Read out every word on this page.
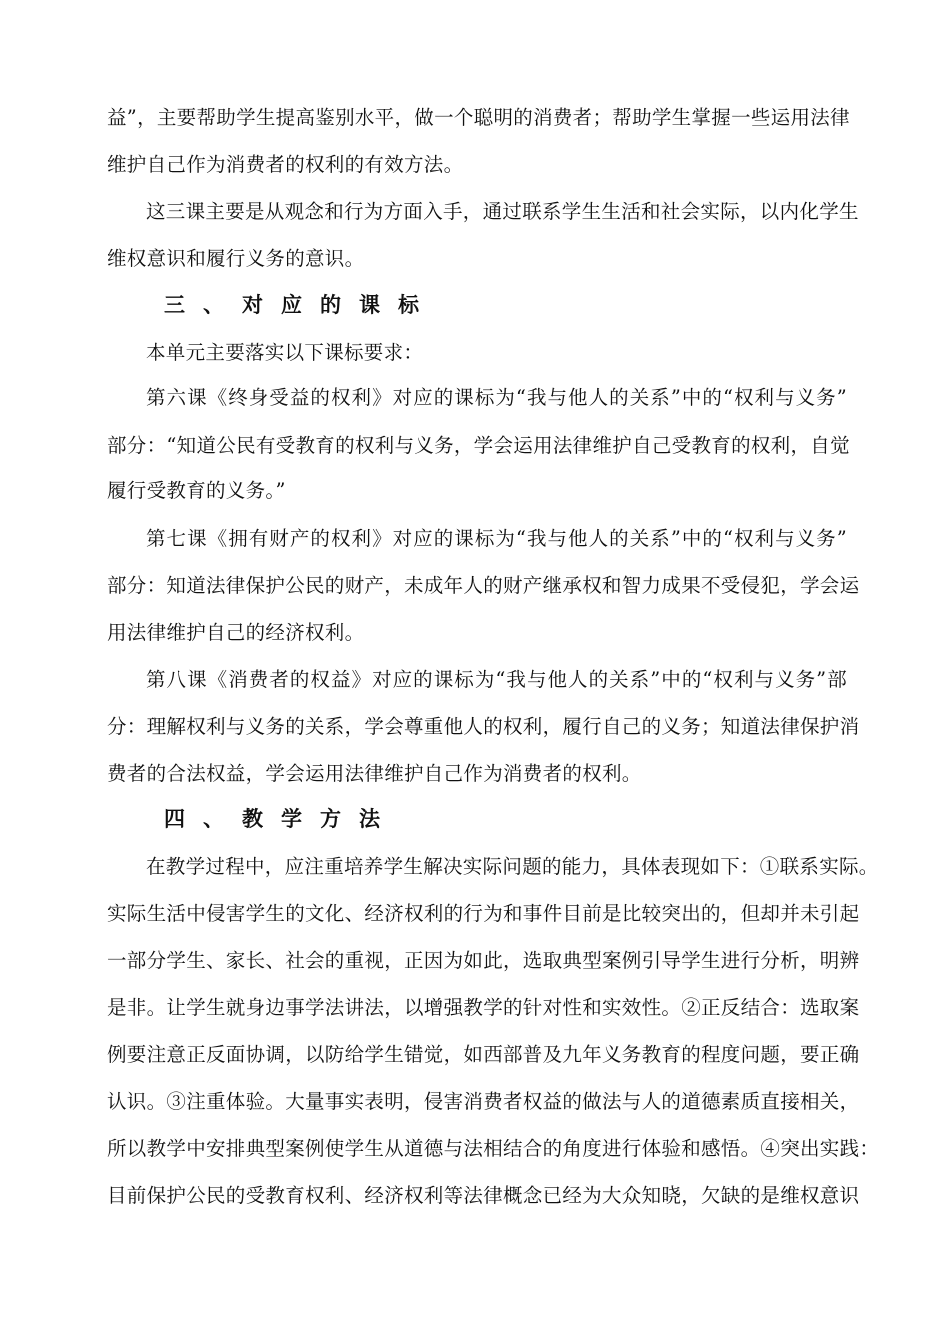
益”，主要帮助学生提高鉴别水平，做一个聪明的消费者；帮助学生掌握一些运用法律
维护自己作为消费者的权利的有效方法。
这三课主要是从观念和行为方面入手，通过联系学生生活和社会实际，以内化学生
维权意识和履行义务的意识。
三、对应的课标
本单元主要落实以下课标要求：
第六课《终身受益的权利》对应的课标为“我与他人的关系”中的“权利与义务”
部分：“知道公民有受教育的权利与义务，学会运用法律维护自己受教育的权利，自觉
履行受教育的义务。”
第七课《拥有财产的权利》对应的课标为“我与他人的关系”中的“权利与义务”
部分：知道法律保护公民的财产，未成年人的财产继承权和智力成果不受侵犯，学会运
用法律维护自己的经济权利。
第八课《消费者的权益》对应的课标为“我与他人的关系”中的“权利与义务”部
分：理解权利与义务的关系，学会尊重他人的权利，履行自己的义务；知道法律保护消
费者的合法权益，学会运用法律维护自己作为消费者的权利。
四、教学方法
在教学过程中，应注重培养学生解决实际问题的能力，具体表现如下：①联系实际。
实际生活中侵害学生的文化、经济权利的行为和事件目前是比较突出的，但却并未引起
一部分学生、家长、社会的重视，正因为如此，选取典型案例引导学生进行分析，明辨
是非。让学生就身边事学法讲法，以增强教学的针对性和实效性。②正反结合：选取案
例要注意正反面协调，以防给学生错觉，如西部普及九年义务教育的程度问题，要正确
认识。③注重体验。大量事实表明，侵害消费者权益的做法与人的道德素质直接相关，
所以教学中安排典型案例使学生从道德与法相结合的角度进行体验和感悟。④突出实践：
目前保护公民的受教育权利、经济权利等法律概念已经为大众知晓，欠缺的是维权意识
